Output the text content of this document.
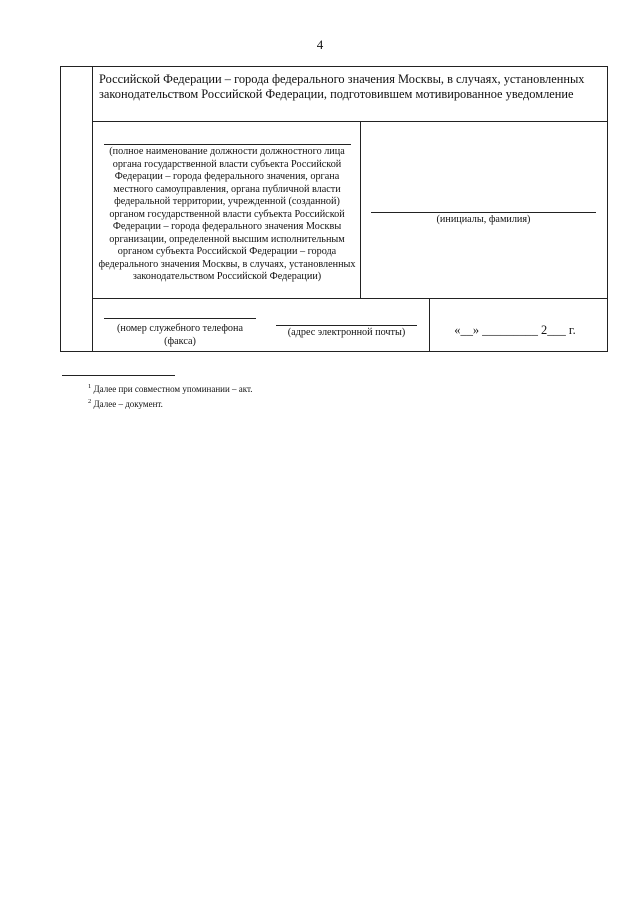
4
Российской Федерации – города федерального значения Москвы, в случаях, установленных законодательством Российской Федерации, подготовившем мотивированное уведомление
(полное наименование должности должностного лица органа государственной власти субъекта Российской Федерации – города федерального значения, органа местного самоуправления, органа публичной власти федеральной территории, учрежденной (созданной) органом государственной власти субъекта Российской Федерации – города федерального значения Москвы организации, определенной высшим исполнительным органом субъекта Российской Федерации – города федерального значения Москвы, в случаях, установленных законодательством Российской Федерации)
(инициалы, фамилия)
(номер служебного телефона (факса)
(адрес электронной почты)	«__» _________ 2___ г.
$^1$ Далее при совместном упоминании – акт.
$^2$ Далее – документ.
